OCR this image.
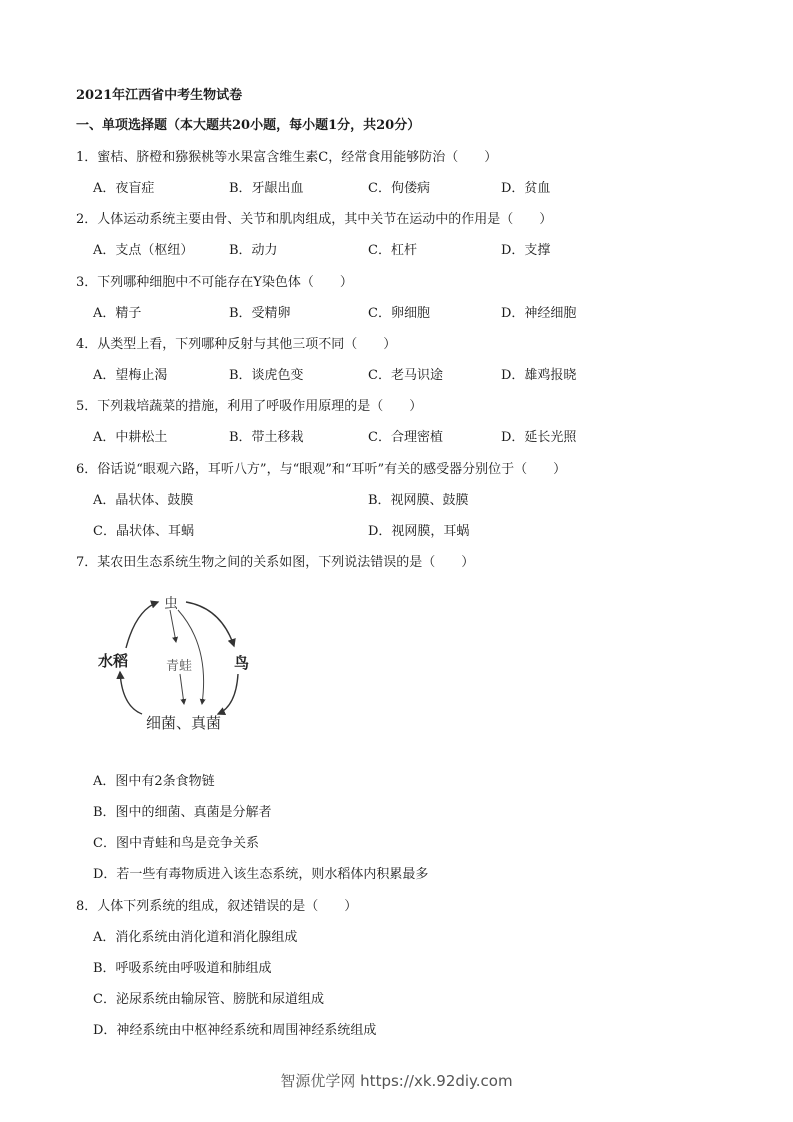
2021年江西省中考生物试卷
一、单项选择题（本大题共20小题，每小题1分，共20分）
1．蜜桔、脐橙和猕猴桃等水果富含维生素C，经常食用能够防治（　　）
A．夜盲症	B．牙龈出血	C．佝偻病	D．贫血
2．人体运动系统主要由骨、关节和肌肉组成，其中关节在运动中的作用是（　　）
A．支点（枢纽）	B．动力	C．杠杆	D．支撑
3．下列哪种细胞中不可能存在Y染色体（　　）
A．精子	B．受精卵	C．卵细胞	D．神经细胞
4．从类型上看，下列哪种反射与其他三项不同（　　）
A．望梅止渴	B．谈虎色变	C．老马识途	D．雄鸡报晓
5．下列栽培蔬菜的措施，利用了呼吸作用原理的是（　　）
A．中耕松土	B．带土移栽	C．合理密植	D．延长光照
6．俗话说“眼观六路，耳听八方”，与“眼观”和“耳听”有关的感受器分别位于（　　）
A．晶状体、鼓膜	B．视网膜、鼓膜
C．晶状体、耳蜗	D．视网膜，耳蜗
7．某农田生态系统生物之间的关系如图，下列说法错误的是（　　）
虫
水稻	青蛙	鸟
细菌、真菌
A．图中有2条食物链
B．图中的细菌、真菌是分解者
C．图中青蛙和鸟是竞争关系
D．若一些有毒物质进入该生态系统，则水稻体内积累最多
8．人体下列系统的组成，叙述错误的是（　　）
A．消化系统由消化道和消化腺组成
B．呼吸系统由呼吸道和肺组成
C．泌尿系统由输尿管、膀胱和尿道组成
D．神经系统由中枢神经系统和周围神经系统组成
智源优学网 https://xk.92diy.com
